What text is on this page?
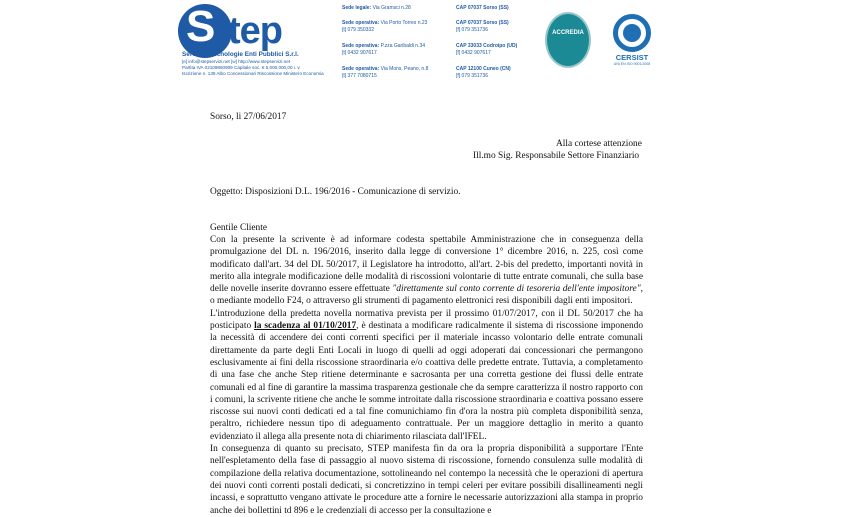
S tep
Servizi e Tecnologie Enti Pubblici S.r.l.
[e] info@stepservizi.net [w] http://www.stepservizi.net
Partita IVA 02109860909 Capitale soc. € 5.000.000,00 i. v.
Iscrizione n. 139 Albo Concessionari Riscossione Ministero Economia
Sede legale: Via Gramsci n.28	CAP 07037 Sorso (SS)
Sede operativa: Via Porto Torres n.23
[t] 079 350332
CAP 07037 Sorso (SS)
[f] 079 351736
Sede operativa: P.zza Garibaldi n.34
[t] 0432 907617
CAP 33033 Codroipo (UD)
[f] 0432 907617
Sede operativa: Via Mons. Peano, n.8
[t] 377 7080715
CAP 12100 Cuneo (CN)
[f] 079 351736
ACCREDIA
CERSIST
UNI EN ISO 9001:2008
Sorso, li 27/06/2017
Alla cortese attenzione
Ill.mo Sig. Responsabile Settore Finanziario
Oggetto: Disposizioni D.L. 196/2016 - Comunicazione di servizio.
Gentile Cliente

Con la presente la scrivente è ad informare codesta spettabile Amministrazione che in conseguenza della promulgazione del DL n. 196/2016, inserito dalla legge di conversione 1° dicembre 2016, n. 225, così come modificato dall'art. 34 del DL 50/2017, il Legislatore ha introdotto, all'art. 2-bis del predetto, importanti novità in merito alla integrale modificazione delle modalità di riscossioni volontarie di tutte entrate comunali, che sulla base delle novelle inserite dovranno essere effettuate "direttamente sul conto corrente di tesoreria dell'ente impositore", o mediante modello F24, o attraverso gli strumenti di pagamento elettronici resi disponibili dagli enti impositori.

L'introduzione della predetta novella normativa prevista per il prossimo 01/07/2017, con il DL 50/2017 che ha posticipato la scadenza al 01/10/2017, è destinata a modificare radicalmente il sistema di riscossione imponendo la necessità di accendere dei conti correnti specifici per il materiale incasso volontario delle entrate comunali direttamente da parte degli Enti Locali in luogo di quelli ad oggi adoperati dai concessionari che permangono esclusivamente ai fini della riscossione straordinaria e/o coattiva delle predette entrate. Tuttavia, a completamento di una fase che anche Step ritiene determinante e sacrosanta per una corretta gestione dei flussi delle entrate comunali ed al fine di garantire la massima trasparenza gestionale che da sempre caratterizza il nostro rapporto con i comuni, la scrivente ritiene che anche le somme introitate dalla riscossione straordinaria e coattiva possano essere riscosse sui nuovi conti dedicati ed a tal fine comunichiamo fin d'ora la nostra più completa disponibilità senza, peraltro, richiedere nessun tipo di adeguamento contrattuale. Per un maggiore dettaglio in merito a quanto evidenziato il allega alla presente nota di chiarimento rilasciata dall'IFEL.

In conseguenza di quanto su precisato, STEP manifesta fin da ora la propria disponibilità a supportare l'Ente nell'espletamento della fase di passaggio al nuovo sistema di riscossione, fornendo consulenza sulle modalità di compilazione della relativa documentazione, sottolineando nel contempo la necessità che le operazioni di apertura dei nuovi conti correnti postali dedicati, si concretizzino in tempi celeri per evitare possibili disallineamenti negli incassi, e soprattutto vengano attivate le procedure atte a fornire le necessarie autorizzazioni alla stampa in proprio anche dei bollettini td 896 e le credenziali di accesso per la consultazione e
